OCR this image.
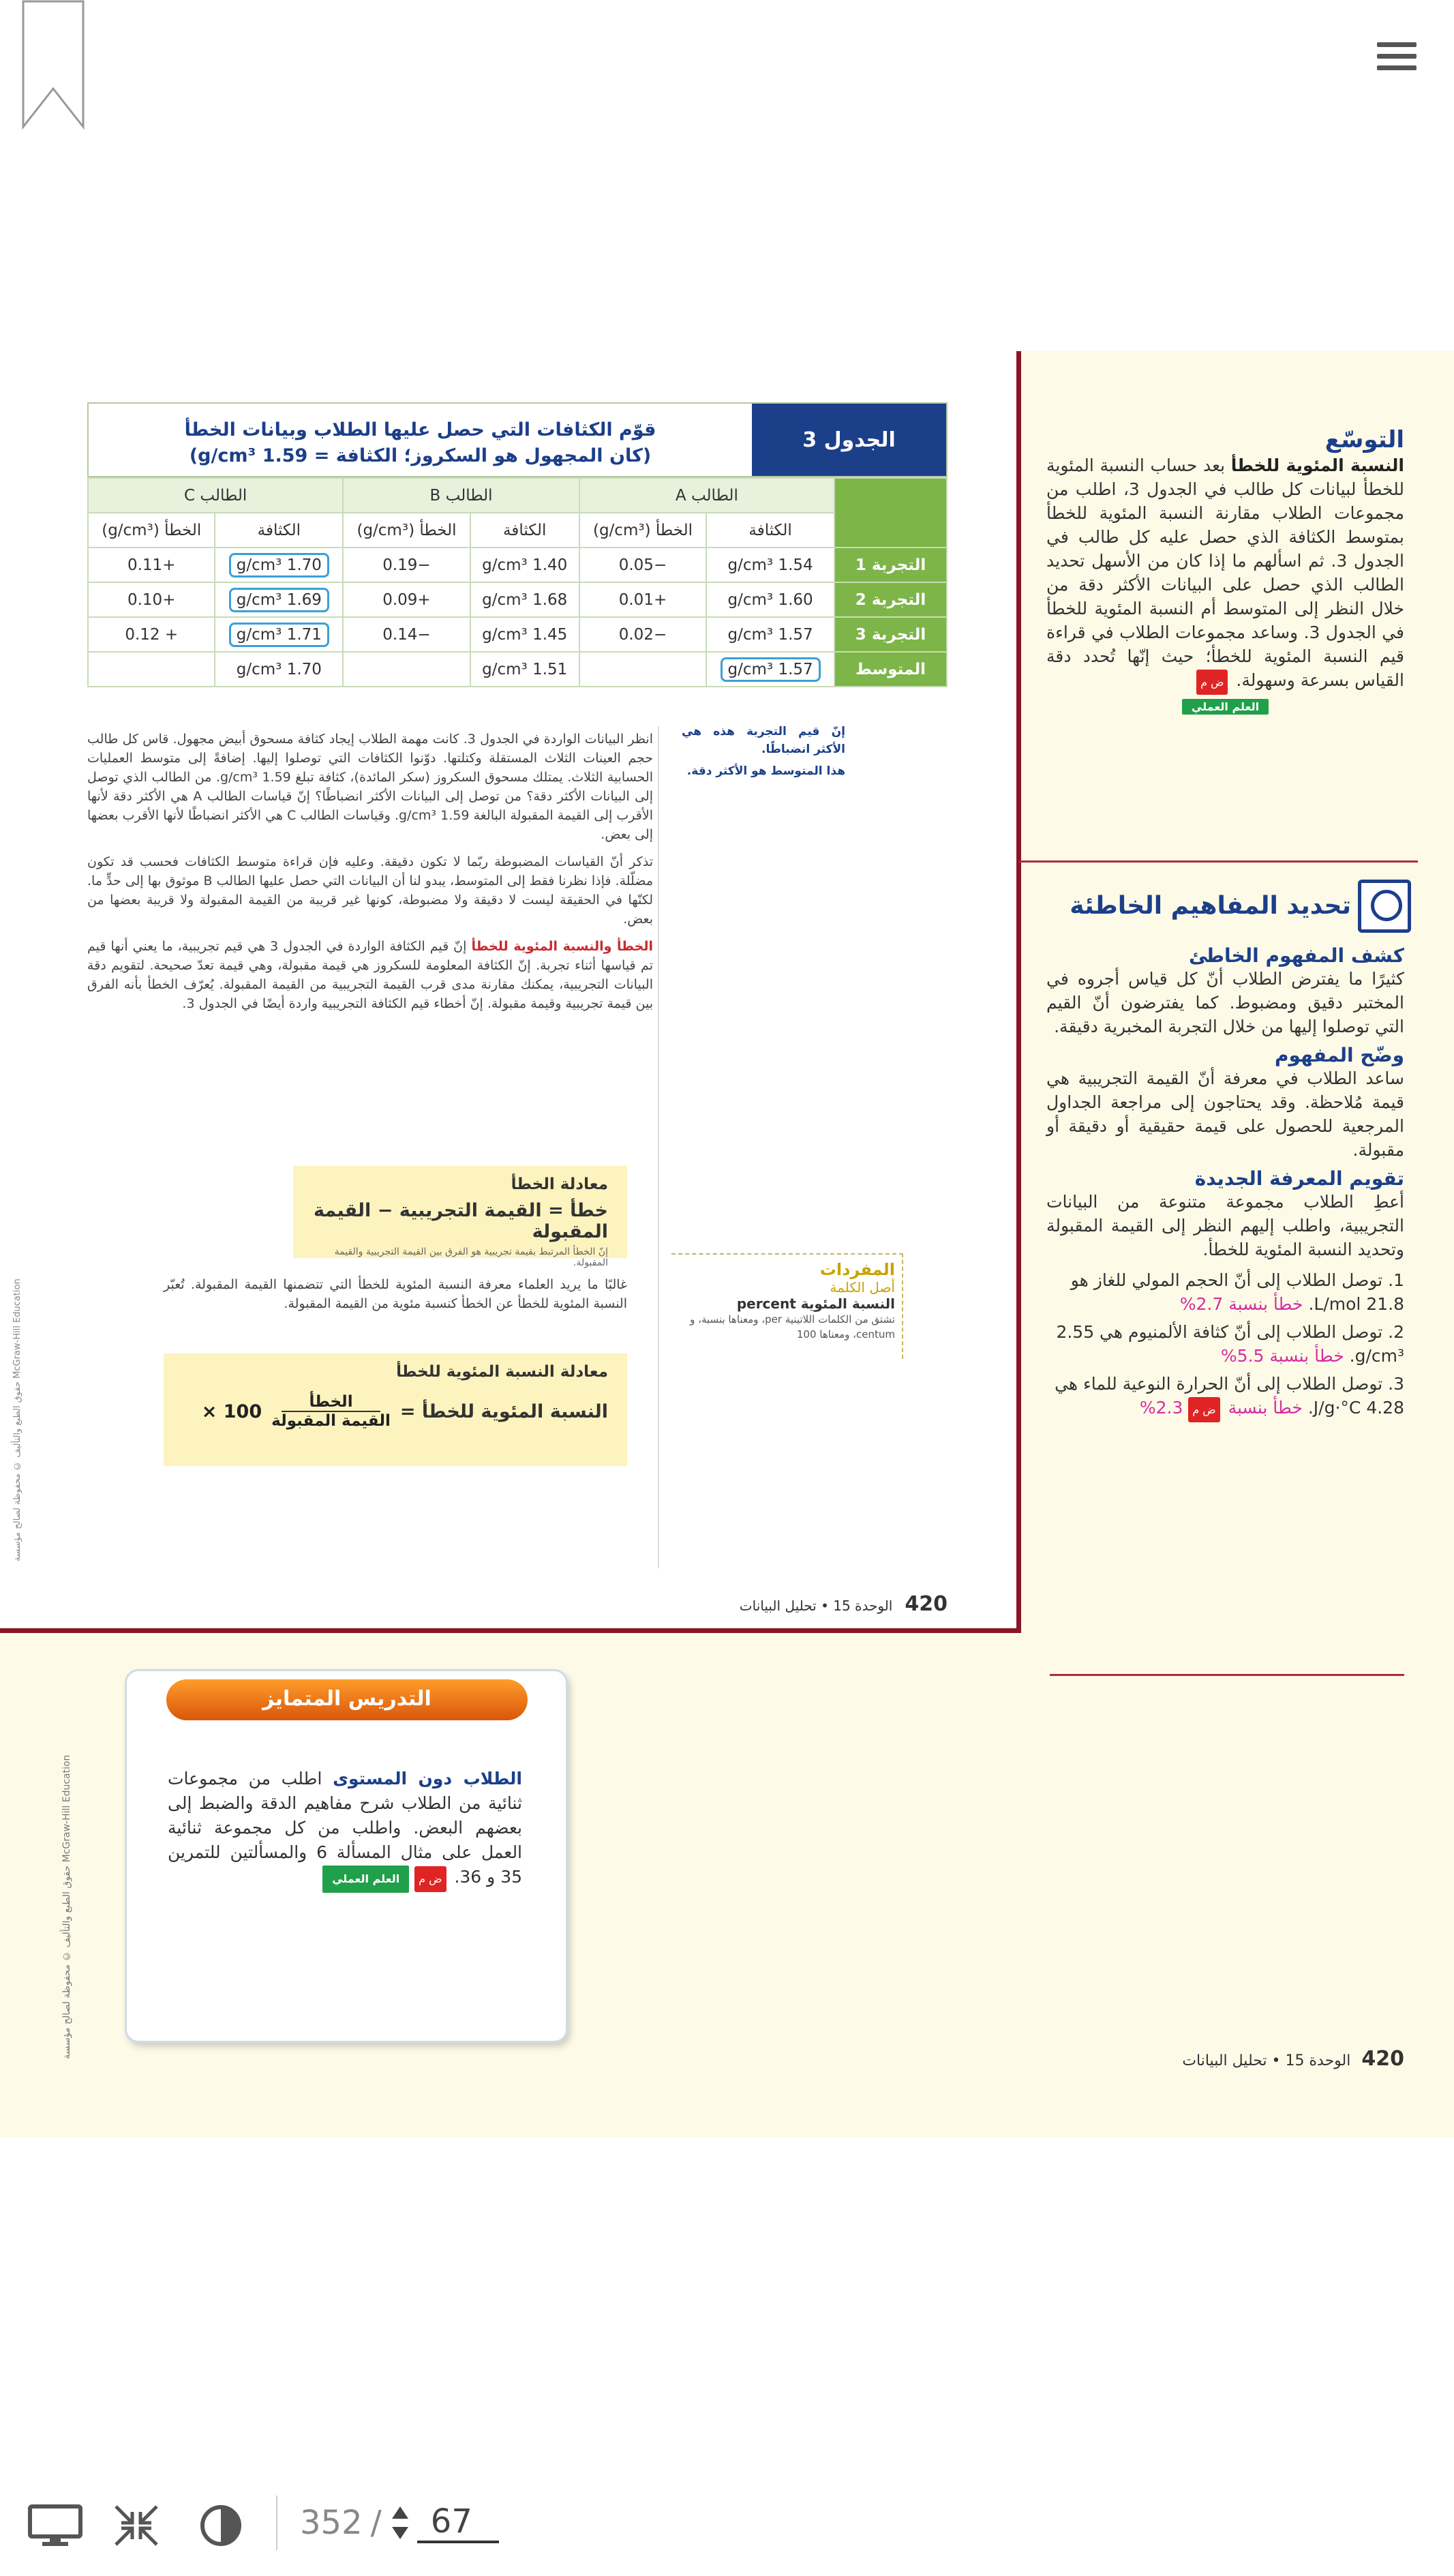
الجدول 3
قوّم الكثافات التي حصل عليها الطلاب وبيانات الخطأ
(كان المجهول هو السكروز؛ الكثافة = 1.59 g/cm³)
	الطالب A		الطالب B		الطالب C	
	الكثافة	الخطأ (g/cm³)	الكثافة	الخطأ (g/cm³)	الكثافة	الخطأ (g/cm³)
التجربة 1	1.54 g/cm³	−0.05	1.40 g/cm³	−0.19	1.70 g/cm³	+0.11
التجربة 2	1.60 g/cm³	+0.01	1.68 g/cm³	+0.09	1.69 g/cm³	+0.10
التجربة 3	1.57 g/cm³	−0.02	1.45 g/cm³	−0.14	1.71 g/cm³	+ 0.12
المتوسط	1.57 g/cm³		1.51 g/cm³		1.70 g/cm³	
إنّ قيم التجربة هذه هي الأكثر انضباطًا.
هذا المتوسط هو الأكثر دقة.

انظر البيانات الواردة في الجدول 3. كانت مهمة الطلاب إيجاد كثافة مسحوق أبيض مجهول. قاس كل طالب حجم العينات الثلاث المستقلة وكتلتها. دوّنوا الكثافات التي توصلوا إليها. إضافةً إلى متوسط العمليات الحسابية الثلاث. يمتلك مسحوق السكروز (سكر المائدة)، كثافة تبلغ 1.59 g/cm³. من الطالب الذي توصل إلى البيانات الأكثر دقة؟ من توصل إلى البيانات الأكثر انضباطًا؟ إنّ قياسات الطالب A هي الأكثر دقة لأنها الأقرب إلى القيمة المقبولة البالغة 1.59 g/cm³. وقياسات الطالب C هي الأكثر انضباطًا لأنها الأقرب بعضها إلى بعض.

تذكر أنّ القياسات المضبوطة ربّما لا تكون دقيقة. وعليه فإن قراءة متوسط الكثافات فحسب قد تكون مضلّلة. فإذا نظرنا فقط إلى المتوسط، يبدو لنا أن البيانات التي حصل عليها الطالب B موثوق بها إلى حدٍّ ما. لكنّها في الحقيقة ليست لا دقيقة ولا مضبوطة، كونها غير قريبة من القيمة المقبولة ولا قريبة بعضها من بعض.

الخطأ والنسبة المئوية للخطأ إنّ قيم الكثافة الواردة في الجدول 3 هي قيم تجريبية، ما يعني أنها قيم تم قياسها أثناء تجربة. إنّ الكثافة المعلومة للسكروز هي قيمة مقبولة، وهي قيمة تعدّ صحيحة. لتقويم دقة البيانات التجريبية، يمكنك مقارنة مدى قرب القيمة التجريبية من القيمة المقبولة. يُعرّف الخطأ بأنه الفرق بين قيمة تجريبية وقيمة مقبولة. إنّ أخطاء قيم الكثافة التجريبية واردة أيضًا في الجدول 3.

معادلة الخطأ
خطأ = القيمة التجريبية − القيمة المقبولة
إنّ الخطأ المرتبط بقيمة تجريبية هو الفرق بين القيمة التجريبية والقيمة المقبولة.
غالبًا ما يريد العلماء معرفة النسبة المئوية للخطأ التي تتضمنها القيمة المقبولة. تُعبّر النسبة المئوية للخطأ عن الخطأ كنسبة مئوية من القيمة المقبولة.
المفردات
أصل الكلمة
النسبة المئوية percent
تشتق من الكلمات اللاتينية per، ومعناها بنسبة، و centum، ومعناها 100
معادلة النسبة المئوية للخطأ
النسبة المئوية للخطأ =
الخطأ
القيمة المقبولة
× 100
حقوق الطبع والتأليف © محفوظة لصالح مؤسسة McGraw-Hill Education
420الوحدة 15 • تحليل البيانات
التوسّع
النسبة المئوية للخطأ بعد حساب النسبة المئوية للخطأ لبيانات كل طالب في الجدول 3، اطلب من مجموعات الطلاب مقارنة النسبة المئوية للخطأ بمتوسط الكثافة الذي حصل عليه كل طالب في الجدول 3. ثم اسألهم ما إذا كان من الأسهل تحديد الطالب الذي حصل على البيانات الأكثر دقة من خلال النظر إلى المتوسط أم النسبة المئوية للخطأ في الجدول 3. وساعد مجموعات الطلاب في قراءة قيم النسبة المئوية للخطأ؛ حيث إنّها تُحدد دقة القياس بسرعة وسهولة. ض م
العلم العملي
تحديد المفاهيم الخاطئة
كشف المفهوم الخاطئ
كثيرًا ما يفترض الطلاب أنّ كل قياس أجروه في المختبر دقيق ومضبوط. كما يفترضون أنّ القيم التي توصلوا إليها من خلال التجربة المخبرية دقيقة.
وضّح المفهوم
ساعد الطلاب في معرفة أنّ القيمة التجريبية هي قيمة مُلاحظة. وقد يحتاجون إلى مراجعة الجداول المرجعية للحصول على قيمة حقيقية أو دقيقة أو مقبولة.
تقويم المعرفة الجديدة
أعطِ الطلاب مجموعة متنوعة من البيانات التجريبية، واطلب إليهم النظر إلى القيمة المقبولة وتحديد النسبة المئوية للخطأ.
1. توصل الطلاب إلى أنّ الحجم المولي للغاز هو 21.8 L/mol. خطأ بنسبة 2.7%
2. توصل الطلاب إلى أنّ كثافة الألمنيوم هي 2.55 g/cm³. خطأ بنسبة 5.5%
3. توصل الطلاب إلى أنّ الحرارة النوعية للماء هي 4.28 J/g·°C. خطأ بنسبة ض م 2.3%
حقوق الطبع والتأليف © محفوظة لصالح مؤسسة McGraw-Hill Education
التدريس المتمايز
الطلاب دون المستوى اطلب من مجموعات ثنائية من الطلاب شرح مفاهيم الدقة والضبط إلى بعضهم البعض. واطلب من كل مجموعة ثنائية العمل على مثال المسألة 6 والمسألتين للتمرين 35 و 36. ض م العلم العملي
420الوحدة 15 • تحليل البيانات
352 /	67
